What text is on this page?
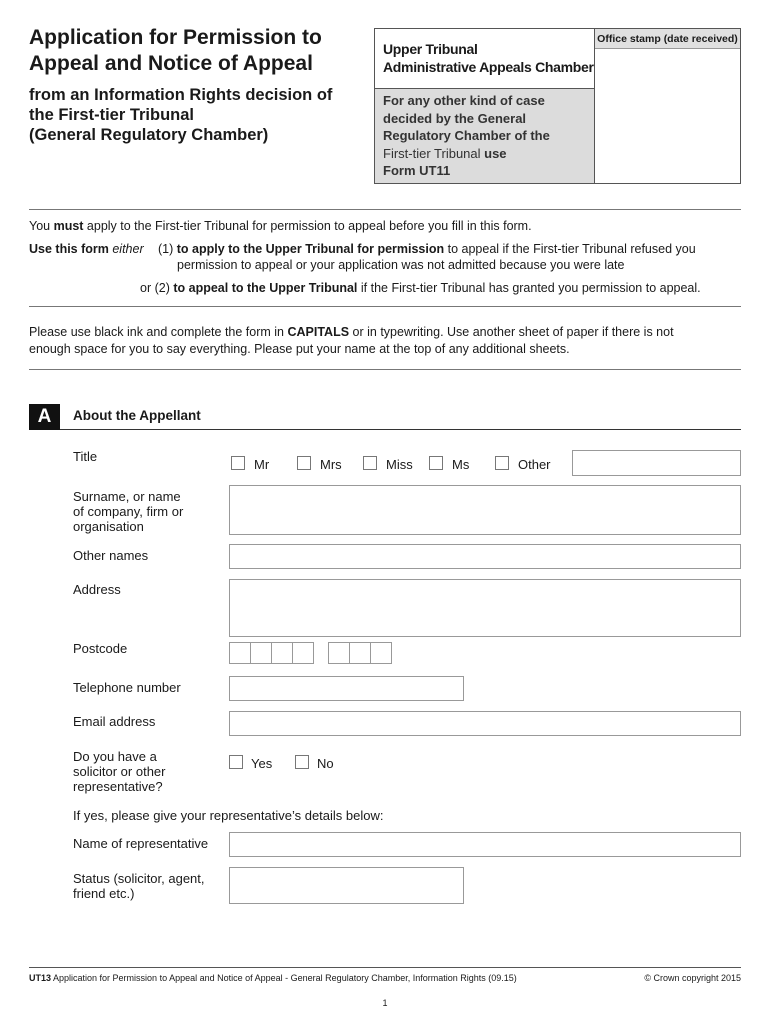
Application for Permission to
Appeal and Notice of Appeal
from an Information Rights decision of
the First-tier Tribunal
(General Regulatory Chamber)
Upper Tribunal
Administrative Appeals Chamber
For any other kind of case
decided by the General
Regulatory Chamber of the
First-tier Tribunal use
Form UT11
Office stamp (date received)
You must apply to the First-tier Tribunal for permission to appeal before you fill in this form.
Use this form either (1) to apply to the Upper Tribunal for permission to appeal if the First-tier Tribunal refused you
permission to appeal or your application was not admitted because you were late
or (2) to appeal to the Upper Tribunal if the First-tier Tribunal has granted you permission to appeal.
Please use black ink and complete the form in CAPITALS or in typewriting. Use another sheet of paper if there is not
enough space for you to say everything. Please put your name at the top of any additional sheets.
A	About the Appellant
Title
Mr	Mrs	Miss	Ms	Other
Surname, or name
of company, firm or
organisation
Other names
Address
Postcode
Telephone number
Email address
Do you have a
solicitor or other
representative?
Yes	No
If yes, please give your representative’s details below:
Name of representative
Status (solicitor, agent,
friend etc.)
UT13 Application for Permission to Appeal and Notice of Appeal - General Regulatory Chamber, Information Rights (09.15)	© Crown copyright 2015
1
